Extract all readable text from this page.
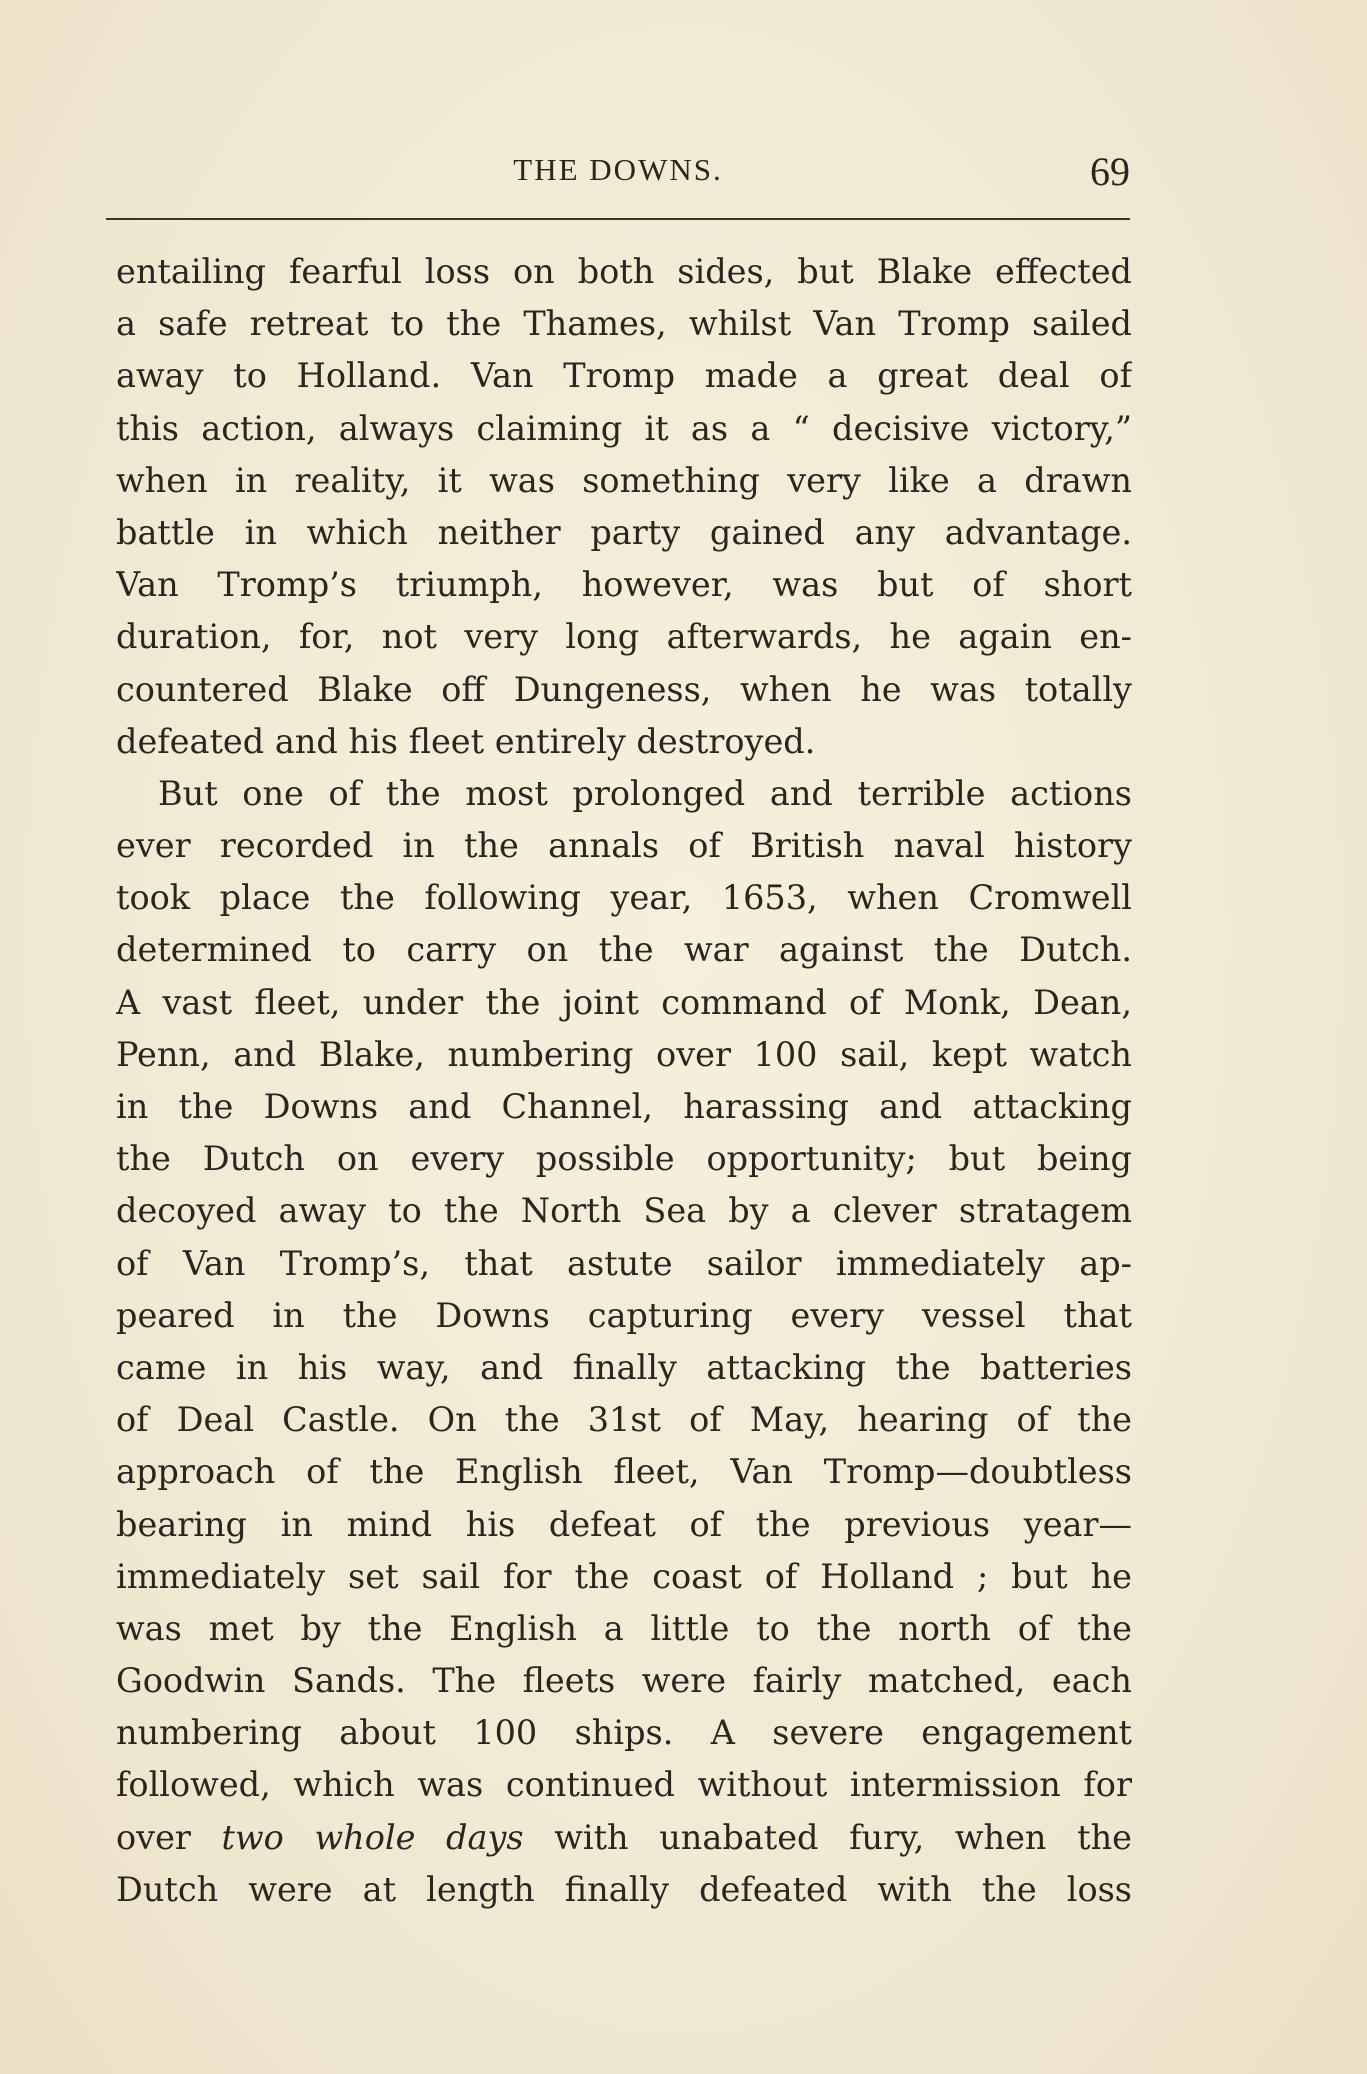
THE DOWNS.	69
entailing fearful loss on both sides, but Blake effected
a safe retreat to the Thames, whilst Van Tromp sailed
away to Holland. Van Tromp made a great deal of
this action, always claiming it as a “ decisive victory,”
when in reality, it was something very like a drawn
battle in which neither party gained any advantage.
Van Tromp’s triumph, however, was but of short
duration, for, not very long afterwards, he again en-
countered Blake off Dungeness, when he was totally
defeated and his fleet entirely destroyed.
But one of the most prolonged and terrible actions
ever recorded in the annals of British naval history
took place the following year, 1653, when Cromwell
determined to carry on the war against the Dutch.
A vast fleet, under the joint command of Monk, Dean,
Penn, and Blake, numbering over 100 sail, kept watch
in the Downs and Channel, harassing and attacking
the Dutch on every possible opportunity; but being
decoyed away to the North Sea by a clever stratagem
of Van Tromp’s, that astute sailor immediately ap-
peared in the Downs capturing every vessel that
came in his way, and finally attacking the batteries
of Deal Castle. On the 31st of May, hearing of the
approach of the English fleet, Van Tromp—doubtless
bearing in mind his defeat of the previous year—
immediately set sail for the coast of Holland ; but he
was met by the English a little to the north of the
Goodwin Sands. The fleets were fairly matched, each
numbering about 100 ships. A severe engagement
followed, which was continued without intermission for
over two whole days with unabated fury, when the
Dutch were at length finally defeated with the loss
